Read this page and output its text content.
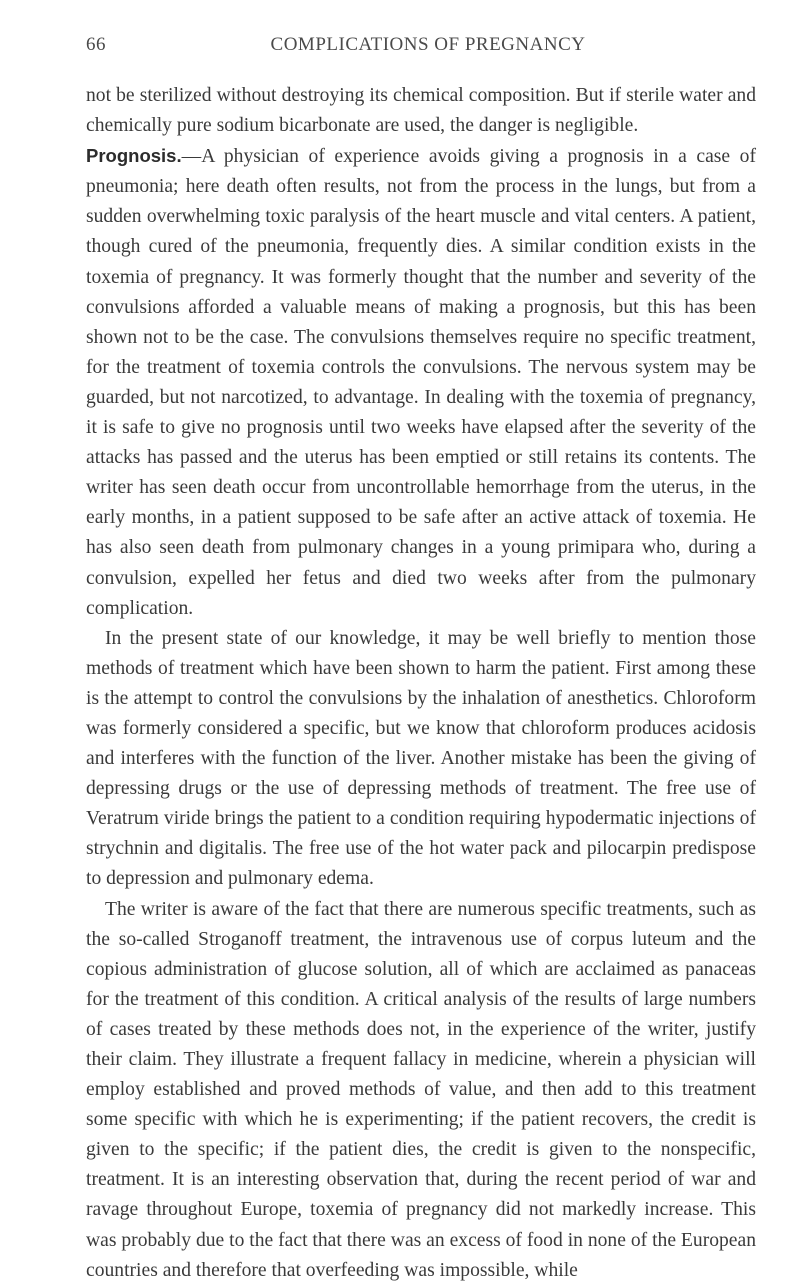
66	COMPLICATIONS OF PREGNANCY

not be sterilized without destroying its chemical composition. But if sterile water and chemically pure sodium bicarbonate are used, the danger is negligible.

Prognosis.—A physician of experience avoids giving a prognosis in a case of pneumonia; here death often results, not from the process in the lungs, but from a sudden overwhelming toxic paralysis of the heart muscle and vital centers. A patient, though cured of the pneumonia, frequently dies. A similar condition exists in the toxemia of pregnancy. It was formerly thought that the number and severity of the convulsions afforded a valuable means of making a prognosis, but this has been shown not to be the case. The convulsions themselves require no specific treatment, for the treatment of toxemia controls the convulsions. The nervous system may be guarded, but not narcotized, to advantage. In dealing with the toxemia of pregnancy, it is safe to give no prognosis until two weeks have elapsed after the severity of the attacks has passed and the uterus has been emptied or still retains its contents. The writer has seen death occur from uncontrollable hemorrhage from the uterus, in the early months, in a patient supposed to be safe after an active attack of toxemia. He has also seen death from pulmonary changes in a young primipara who, during a convulsion, expelled her fetus and died two weeks after from the pulmonary complication.

In the present state of our knowledge, it may be well briefly to mention those methods of treatment which have been shown to harm the patient. First among these is the attempt to control the convulsions by the inhalation of anesthetics. Chloroform was formerly considered a specific, but we know that chloroform produces acidosis and interferes with the function of the liver. Another mistake has been the giving of depressing drugs or the use of depressing methods of treatment. The free use of Veratrum viride brings the patient to a condition requiring hypodermatic injections of strychnin and digitalis. The free use of the hot water pack and pilocarpin predispose to depression and pulmonary edema.

The writer is aware of the fact that there are numerous specific treatments, such as the so-called Stroganoff treatment, the intravenous use of corpus luteum and the copious administration of glucose solution, all of which are acclaimed as panaceas for the treatment of this condition. A critical analysis of the results of large numbers of cases treated by these methods does not, in the experience of the writer, justify their claim. They illustrate a frequent fallacy in medicine, wherein a physician will employ established and proved methods of value, and then add to this treatment some specific with which he is experimenting; if the patient recovers, the credit is given to the specific; if the patient dies, the credit is given to the nonspecific, treatment. It is an interesting observation that, during the recent period of war and ravage throughout Europe, toxemia of pregnancy did not markedly increase. This was probably due to the fact that there was an excess of food in none of the European countries and therefore that overfeeding was impossible, while
